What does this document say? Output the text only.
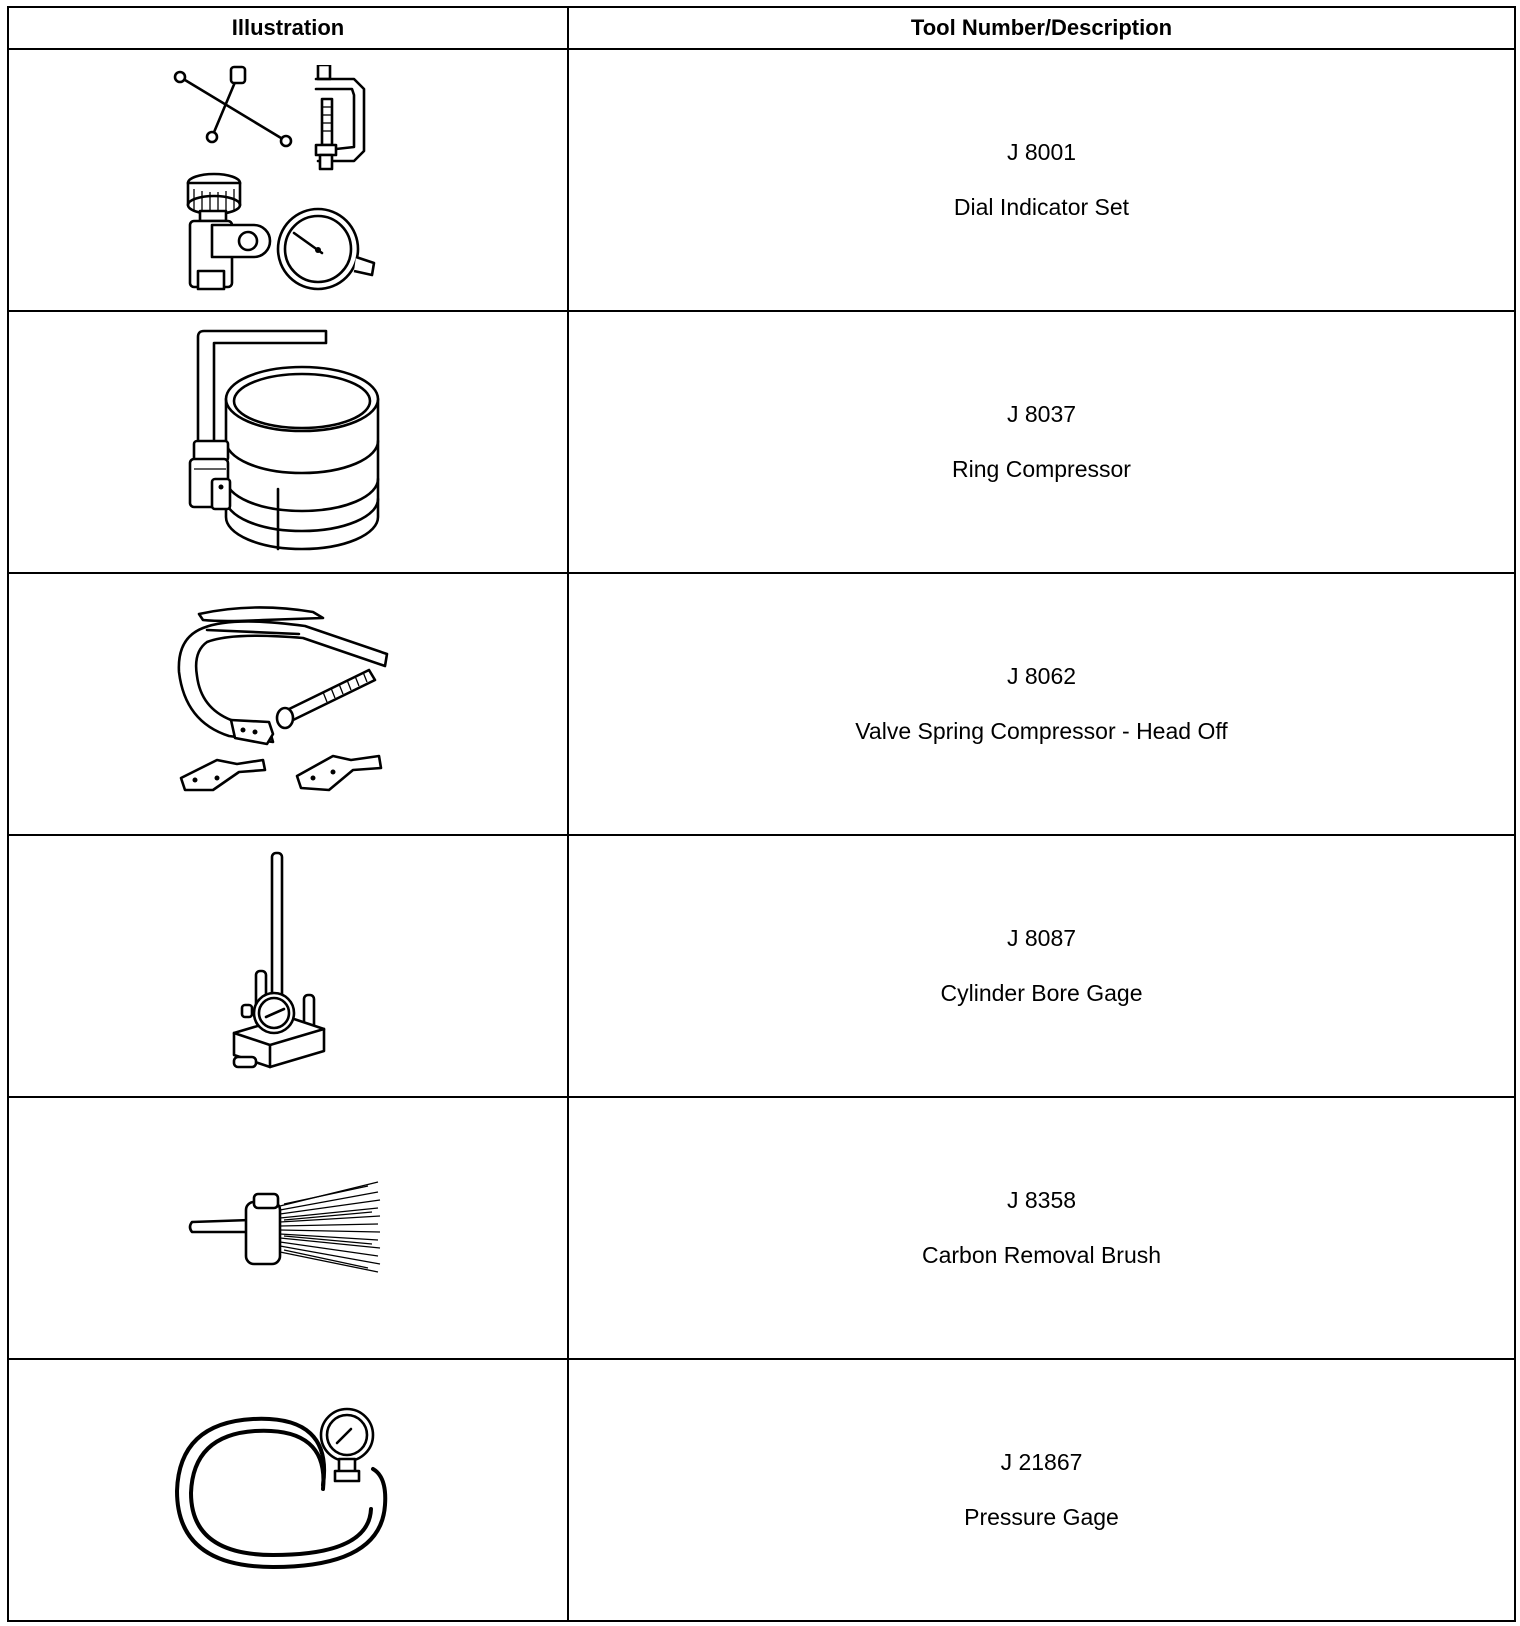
Illustration	Tool Number/Description

J 8001
Dial Indicator Set

J 8037
Ring Compressor

J 8062
Valve Spring Compressor - Head Off

J 8087
Cylinder Bore Gage

J 8358
Carbon Removal Brush

J 21867
Pressure Gage
